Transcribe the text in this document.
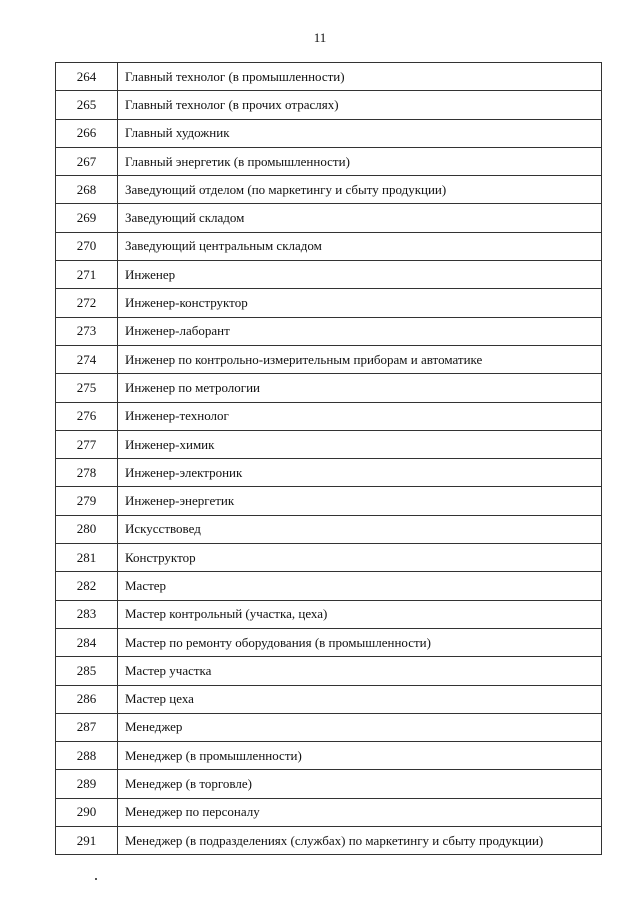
11
264	Главный технолог (в промышленности)
265	Главный технолог (в прочих отраслях)
266	Главный художник
267	Главный энергетик (в промышленности)
268	Заведующий отделом (по маркетингу и сбыту продукции)
269	Заведующий складом
270	Заведующий центральным складом
271	Инженер
272	Инженер-конструктор
273	Инженер-лаборант
274	Инженер по контрольно-измерительным приборам и автоматике
275	Инженер по метрологии
276	Инженер-технолог
277	Инженер-химик
278	Инженер-электроник
279	Инженер-энергетик
280	Искусствовед
281	Конструктор
282	Мастер
283	Мастер контрольный (участка, цеха)
284	Мастер по ремонту оборудования (в промышленности)
285	Мастер участка
286	Мастер цеха
287	Менеджер
288	Менеджер (в промышленности)
289	Менеджер (в торговле)
290	Менеджер по персоналу
291	Менеджер (в подразделениях (службах) по маркетингу и сбыту продукции)
